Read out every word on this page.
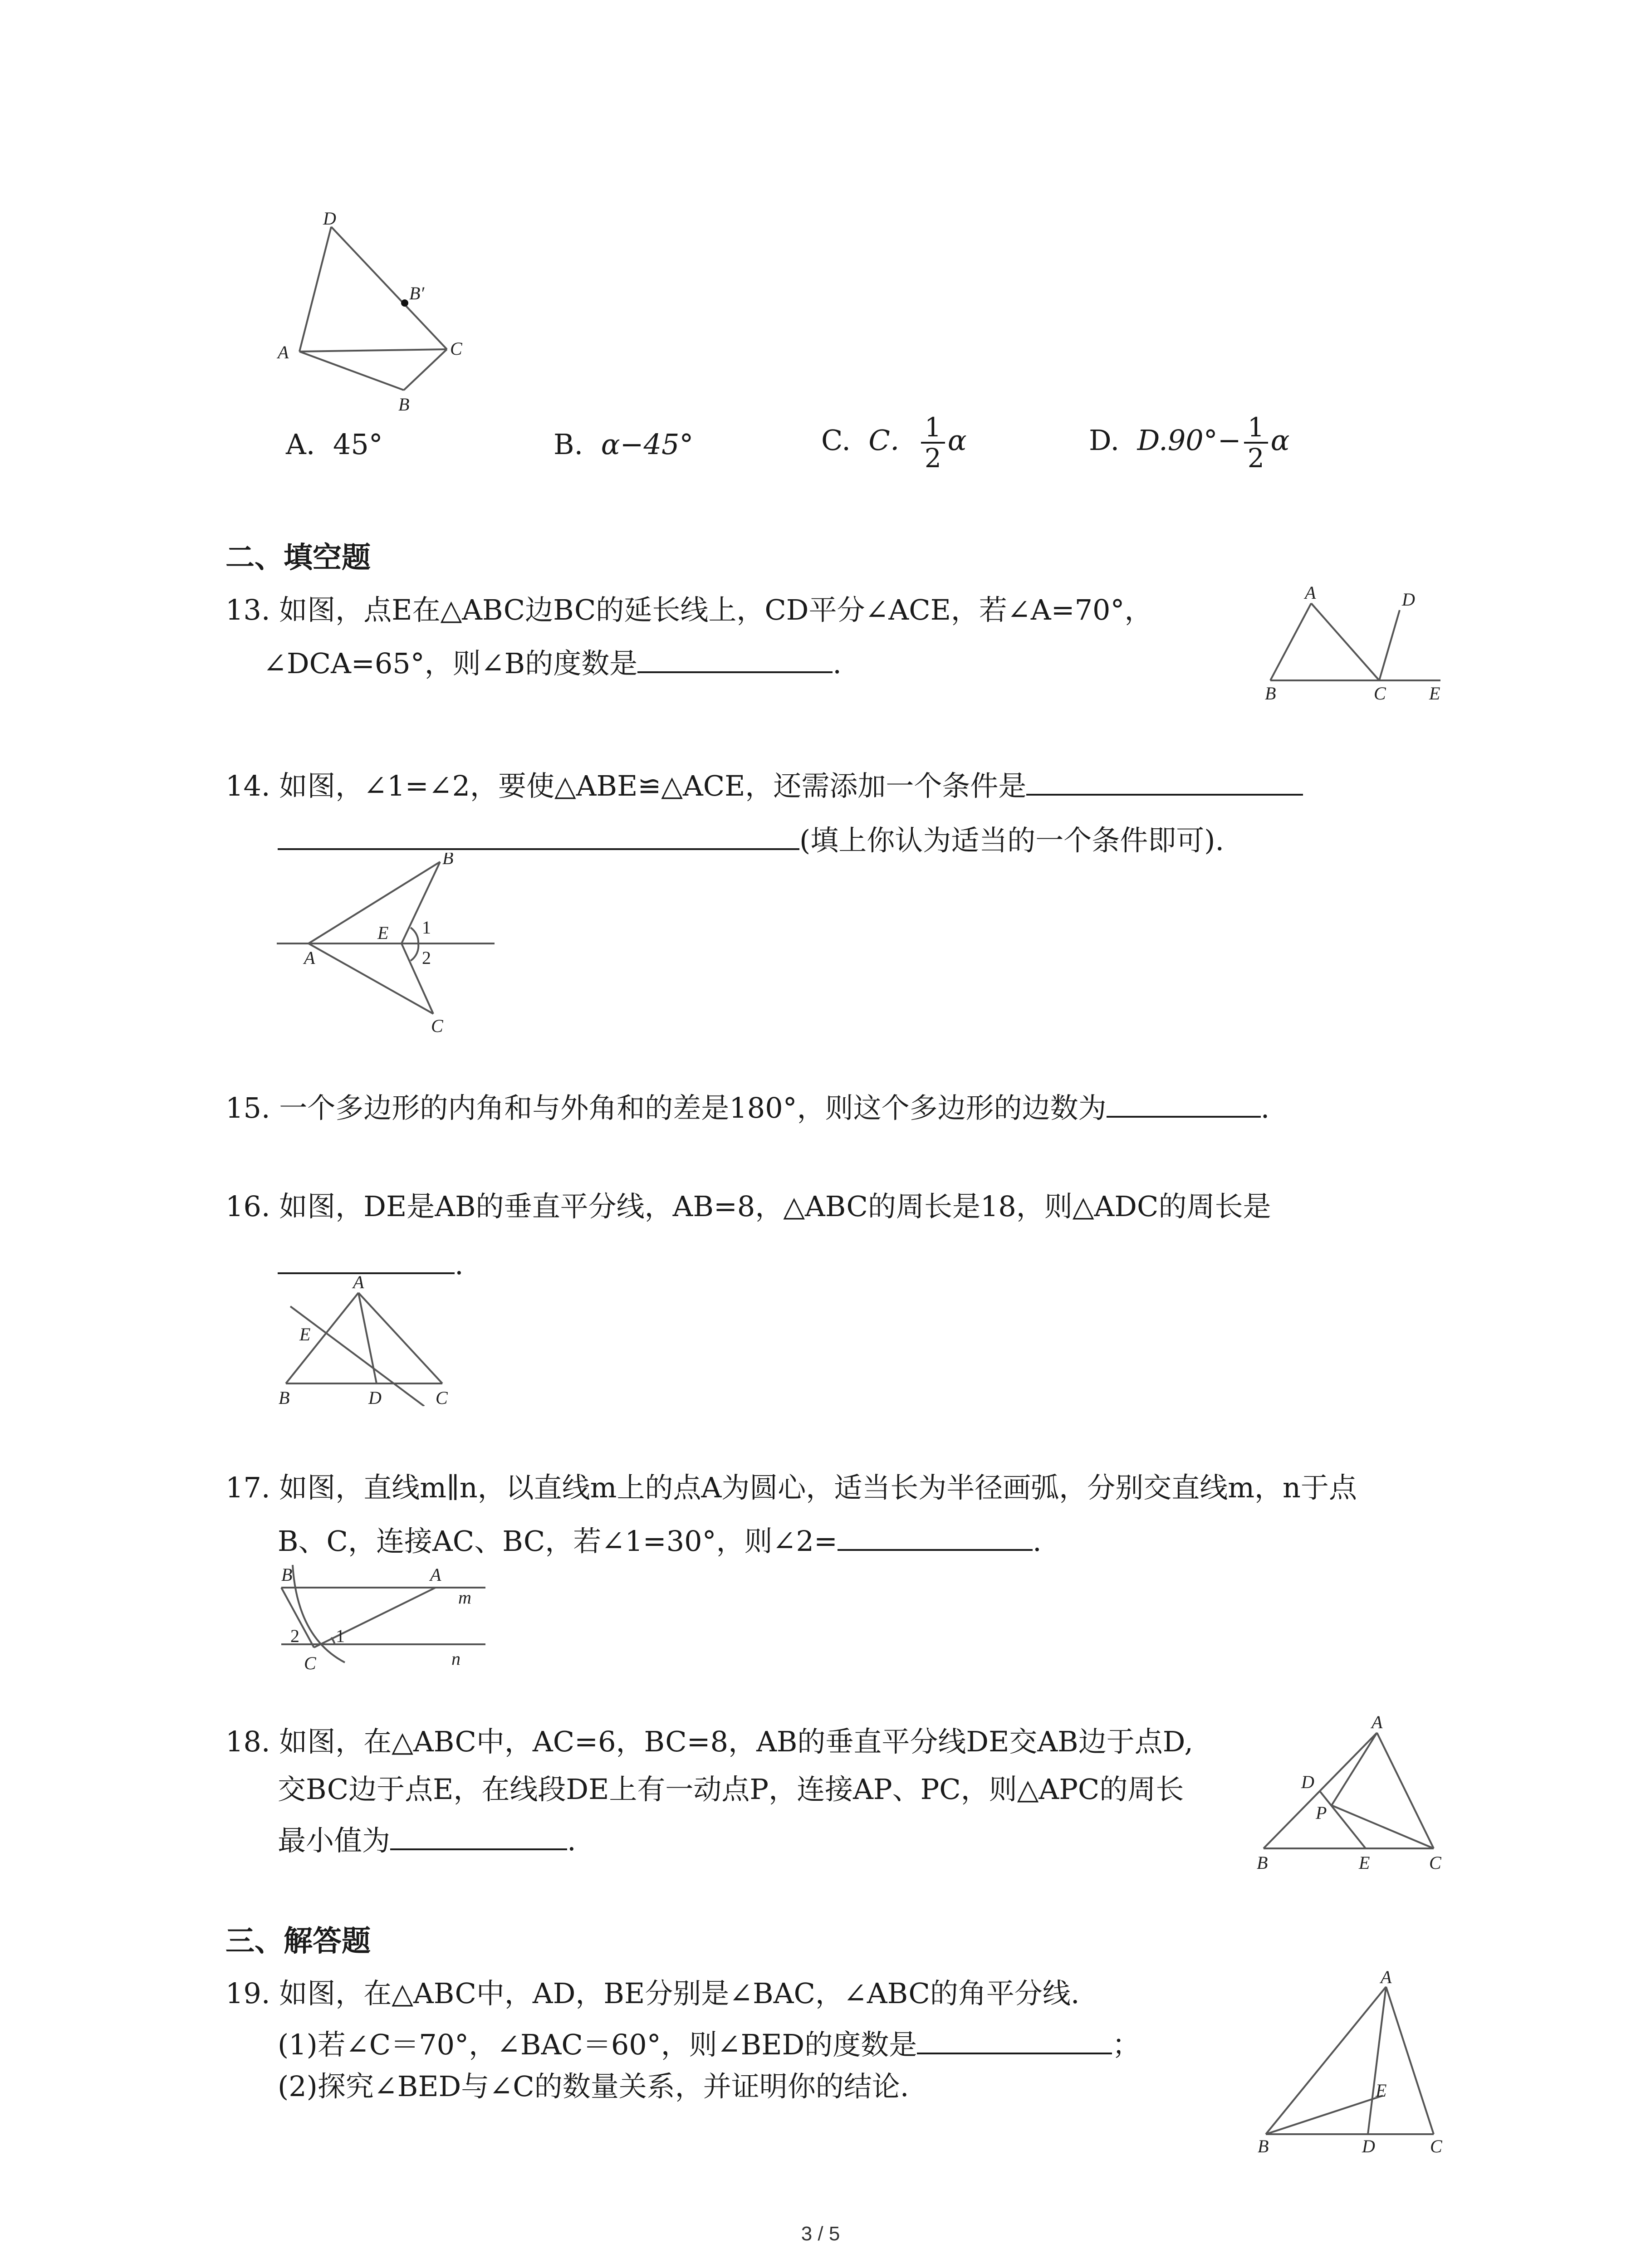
D
B′
A	C
B
A. 45°	B. α−45°	C. C． $\frac{1}{2}$ α	D. $D.90^\circ- \frac{1}{2}$ α
二、填空题
13. 如图，点E在△ABC边BC的延长线上，CD平分∠ACE，若∠A=70°，
∠DCA=65°，则∠B的度数是	.
A	D
B	C E
14. 如图，∠1=∠2，要使△ABE≌△ACE，还需添加一个条件是
(填上你认为适当的一个条件即可).
A
B
C
E 1
2
15. 一个多边形的内角和与外角和的差是180°，则这个多边形的边数为	.
16. 如图，DE是AB的垂直平分线，AB=8，△ABC的周长是18，则△ADC的周长是
.
A
E
B	D	C
17. 如图，直线m∥n，以直线m上的点A为圆心，适当长为半径画弧，分别交直线m，n于点
B、C，连接AC、BC，若∠1=30°，则∠2=	.
B	A
m
2 1
C	n
18. 如图，在△ABC中，AC=6，BC=8，AB的垂直平分线DE交AB边于点D,
交BC边于点E，在线段DE上有一动点P，连接AP、PC，则△APC的周长
最小值为	.
A
D
P
B	E	C
三、解答题
19. 如图，在△ABC中，AD，BE分别是∠BAC，∠ABC的角平分线.
(1)若∠C＝70°，∠BAC＝60°，则∠BED的度数是	；
(2)探究∠BED与∠C的数量关系，并证明你的结论.
A
E
B	D	C
3 / 5
